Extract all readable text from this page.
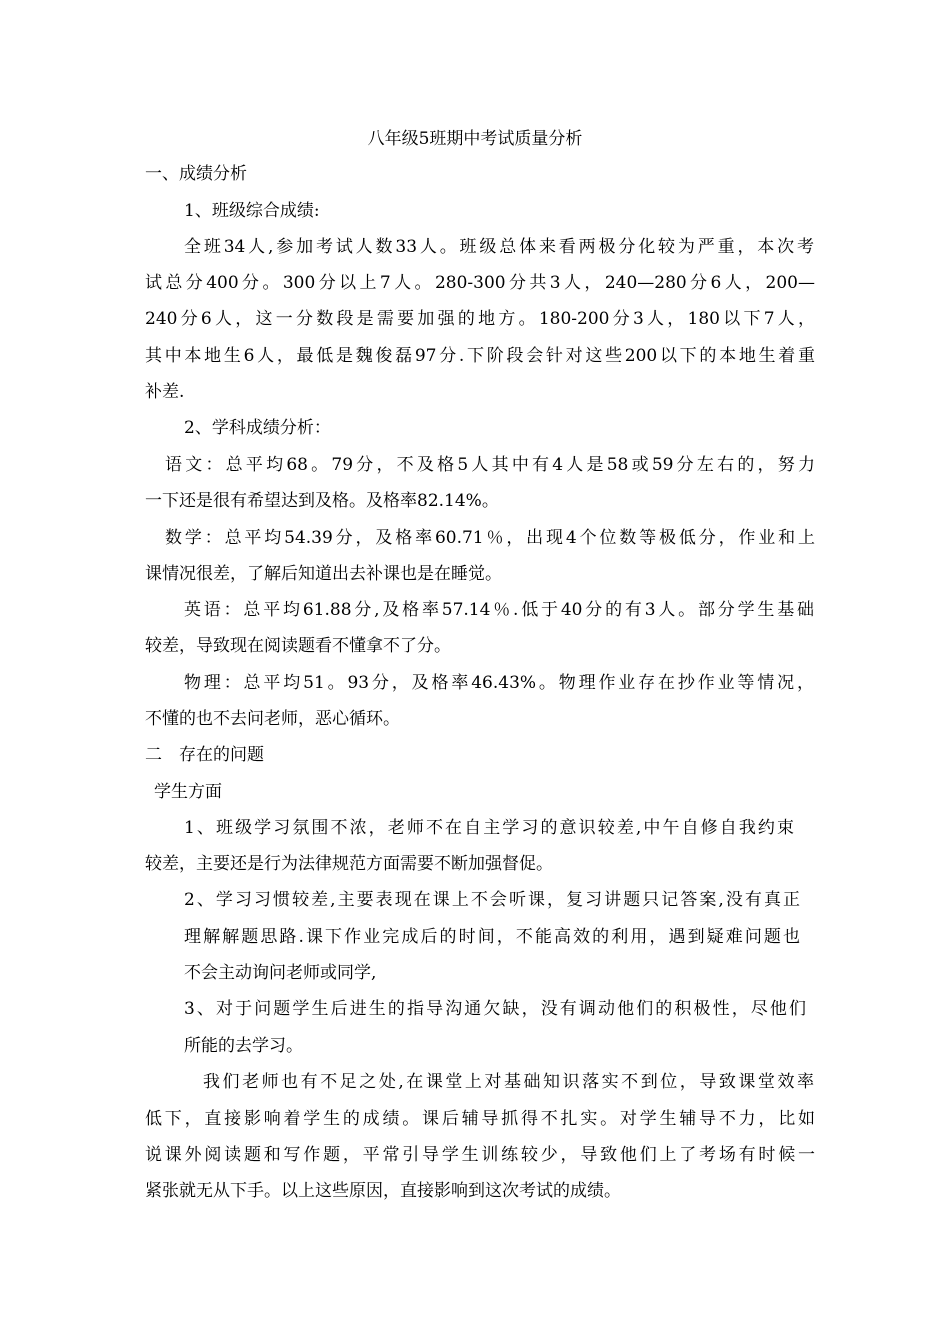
八年级5班期中考试质量分析
一、成绩分析
1、班级综合成绩:
全班34人,参加考试人数33人。班级总体来看两极分化较为严重，本次考
试总分400分。300分以上7人。280-300分共3人，240—280分6人，200—
240分6人，这一分数段是需要加强的地方。180-200分3人，180以下7人，
其中本地生6人，最低是魏俊磊97分.下阶段会针对这些200以下的本地生着重
补差.
2、学科成绩分析：
语文：总平均68。79分，不及格5人其中有4人是58或59分左右的，努力
一下还是很有希望达到及格。及格率82.14%。
数学：总平均54.39分，及格率60.71％，出现4个位数等极低分，作业和上
课情况很差，了解后知道出去补课也是在睡觉。
英语：总平均61.88分,及格率57.14％.低于40分的有3人。部分学生基础
较差，导致现在阅读题看不懂拿不了分。
物理：总平均51。93分，及格率46.43%。物理作业存在抄作业等情况，
不懂的也不去问老师，恶心循环。
二　存在的问题
学生方面
1、班级学习氛围不浓，老师不在自主学习的意识较差,中午自修自我约束
较差，主要还是行为法律规范方面需要不断加强督促。
2、学习习惯较差,主要表现在课上不会听课，复习讲题只记答案,没有真正
理解解题思路.课下作业完成后的时间，不能高效的利用，遇到疑难问题也
不会主动询问老师或同学,
3、对于问题学生后进生的指导沟通欠缺，没有调动他们的积极性，尽他们
所能的去学习。
我们老师也有不足之处,在课堂上对基础知识落实不到位，导致课堂效率
低下，直接影响着学生的成绩。课后辅导抓得不扎实。对学生辅导不力，比如
说课外阅读题和写作题，平常引导学生训练较少，导致他们上了考场有时候一
紧张就无从下手。以上这些原因，直接影响到这次考试的成绩。
